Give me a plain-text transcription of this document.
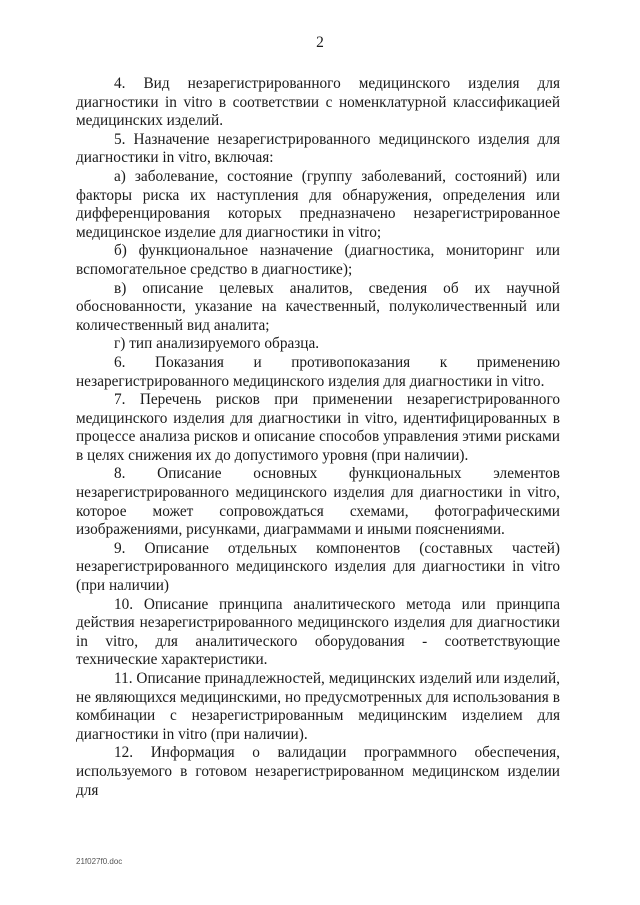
2

4. Вид незарегистрированного медицинского изделия для диагностики in vitro в соответствии с номенклатурной классификацией медицинских изделий.

5. Назначение незарегистрированного медицинского изделия для диагностики in vitro, включая:

а) заболевание, состояние (группу заболеваний, состояний) или факторы риска их наступления для обнаружения, определения или дифференцирования которых предназначено незарегистрированное медицинское изделие для диагностики in vitro;

б) функциональное назначение (диагностика, мониторинг или вспомогательное средство в диагностике);

в) описание целевых аналитов, сведения об их научной обоснованности, указание на качественный, полуколичественный или количественный вид аналита;

г) тип анализируемого образца.

6. Показания и противопоказания к применению незарегистрированного медицинского изделия для диагностики in vitro.

7. Перечень рисков при применении незарегистрированного медицинского изделия для диагностики in vitro, идентифицированных в процессе анализа рисков и описание способов управления этими рисками в целях снижения их до допустимого уровня (при наличии).

8. Описание основных функциональных элементов незарегистрированного медицинского изделия для диагностики in vitro, которое может сопровождаться схемами, фотографическими изображениями, рисунками, диаграммами и иными пояснениями.

9. Описание отдельных компонентов (составных частей) незарегистрированного медицинского изделия для диагностики in vitro (при наличии)

10. Описание принципа аналитического метода или принципа действия незарегистрированного медицинского изделия для диагностики in vitro, для аналитического оборудования - соответствующие технические характеристики.

11. Описание принадлежностей, медицинских изделий или изделий, не являющихся медицинскими, но предусмотренных для использования в комбинации с незарегистрированным медицинским изделием для диагностики in vitro (при наличии).

12. Информация о валидации программного обеспечения, используемого в готовом незарегистрированном медицинском изделии для

21f027f0.doc
